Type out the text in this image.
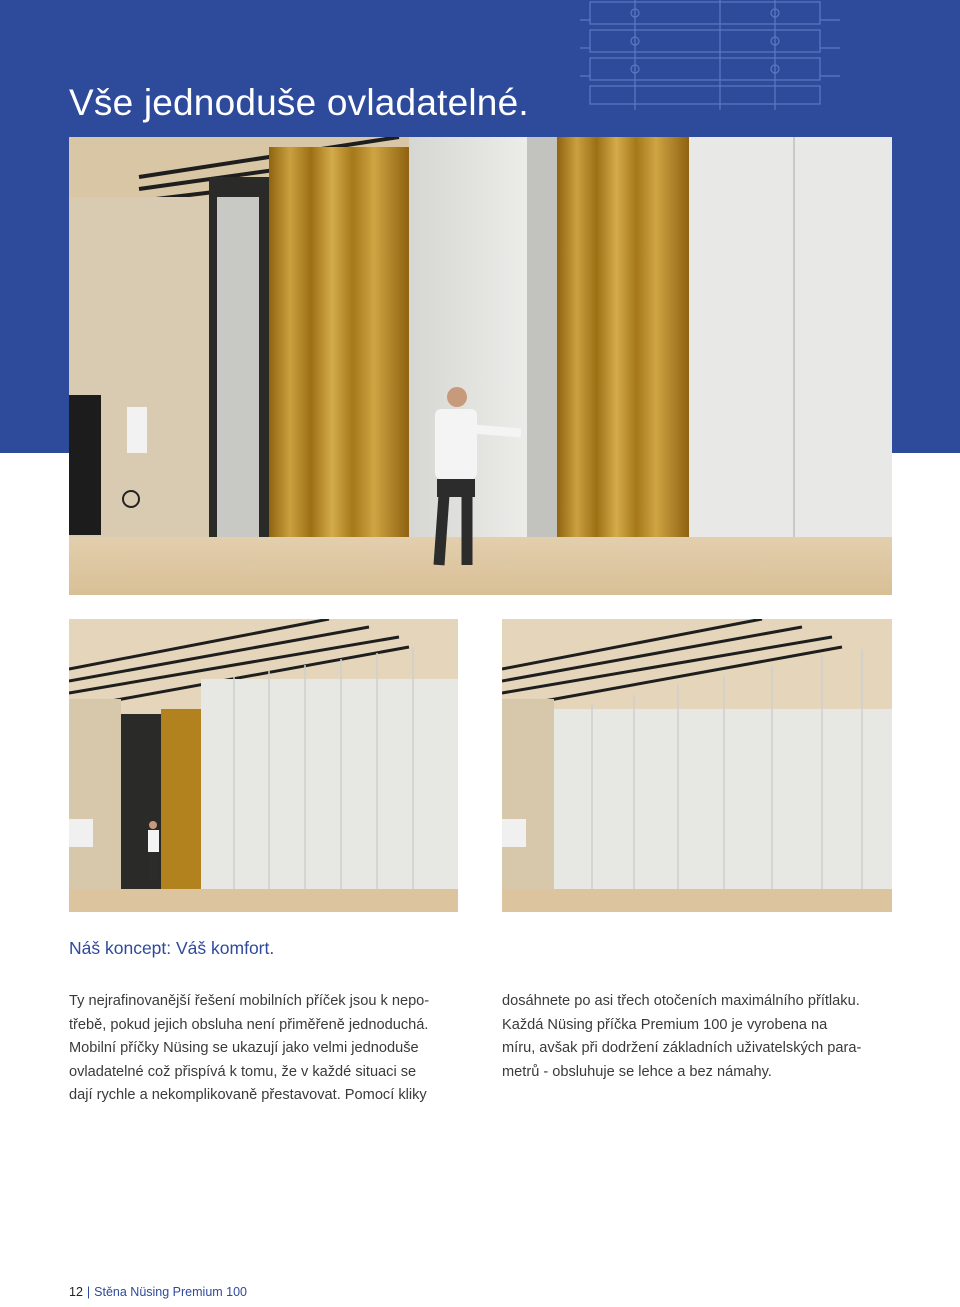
Vše jednoduše ovladatelné.
Náš koncept: Váš komfort.
Ty nejrafinovanější řešení mobilních příček jsou k nepo-
třebě, pokud jejich obsluha není přiměřeně jednoduchá.
Mobilní příčky Nüsing se ukazují jako velmi jednoduše
ovladatelné což přispívá k tomu, že v každé situaci se
dají rychle a nekomplikovaně přestavovat. Pomocí kliky
dosáhnete po asi třech otočeních maximálního přítlaku.
Každá Nüsing příčka Premium 100 je vyrobena na
míru, avšak při dodržení základních uživatelských para-
metrů - obsluhuje se lehce a bez námahy.
12 | Stěna Nüsing Premium 100
